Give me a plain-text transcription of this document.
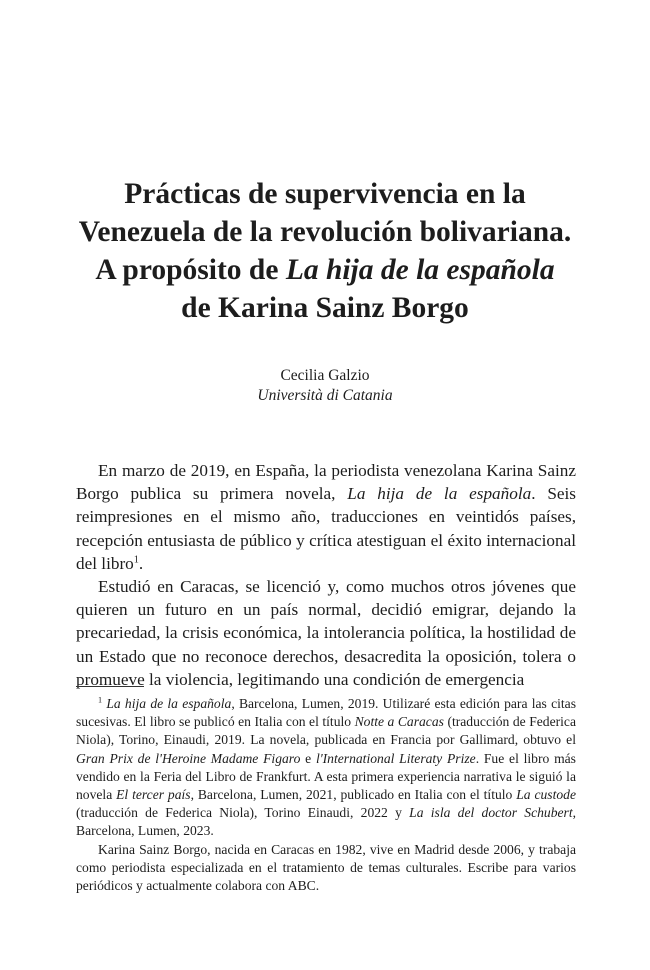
Prácticas de supervivencia en la
Venezuela de la revolución bolivariana.
A propósito de La hija de la española
de Karina Sainz Borgo
Cecilia Galzio
Università di Catania

En marzo de 2019, en España, la periodista venezolana Karina Sainz Borgo publica su primera novela, La hija de la española. Seis reimpresiones en el mismo año, traducciones en veintidós países, recepción entusiasta de público y crítica atestiguan el éxito internacional del libro$^1$.

Estudió en Caracas, se licenció y, como muchos otros jóvenes que quieren un futuro en un país normal, decidió emigrar, dejando la precariedad, la crisis económica, la intolerancia política, la hostilidad de un Estado que no reconoce derechos, desacredita la oposición, tolera o promueve la violencia, legitimando una condición de emergencia

$^1$ La hija de la española, Barcelona, Lumen, 2019. Utilizaré esta edición para las citas sucesivas. El libro se publicó en Italia con el título Notte a Caracas (traducción de Federica Niola), Torino, Einaudi, 2019. La novela, publicada en Francia por Gallimard, obtuvo el Gran Prix de l'Heroine Madame Figaro e l'International Literaty Prize. Fue el libro más vendido en la Feria del Libro de Frankfurt. A esta primera experiencia narrativa le siguió la novela El tercer país, Barcelona, Lumen, 2021, publicado en Italia con el título La custode (traducción de Federica Niola), Torino Einaudi, 2022 y La isla del doctor Schubert, Barcelona, Lumen, 2023.

Karina Sainz Borgo, nacida en Caracas en 1982, vive en Madrid desde 2006, y trabaja como periodista especializada en el tratamiento de temas culturales. Escribe para varios periódicos y actualmente colabora con ABC.
